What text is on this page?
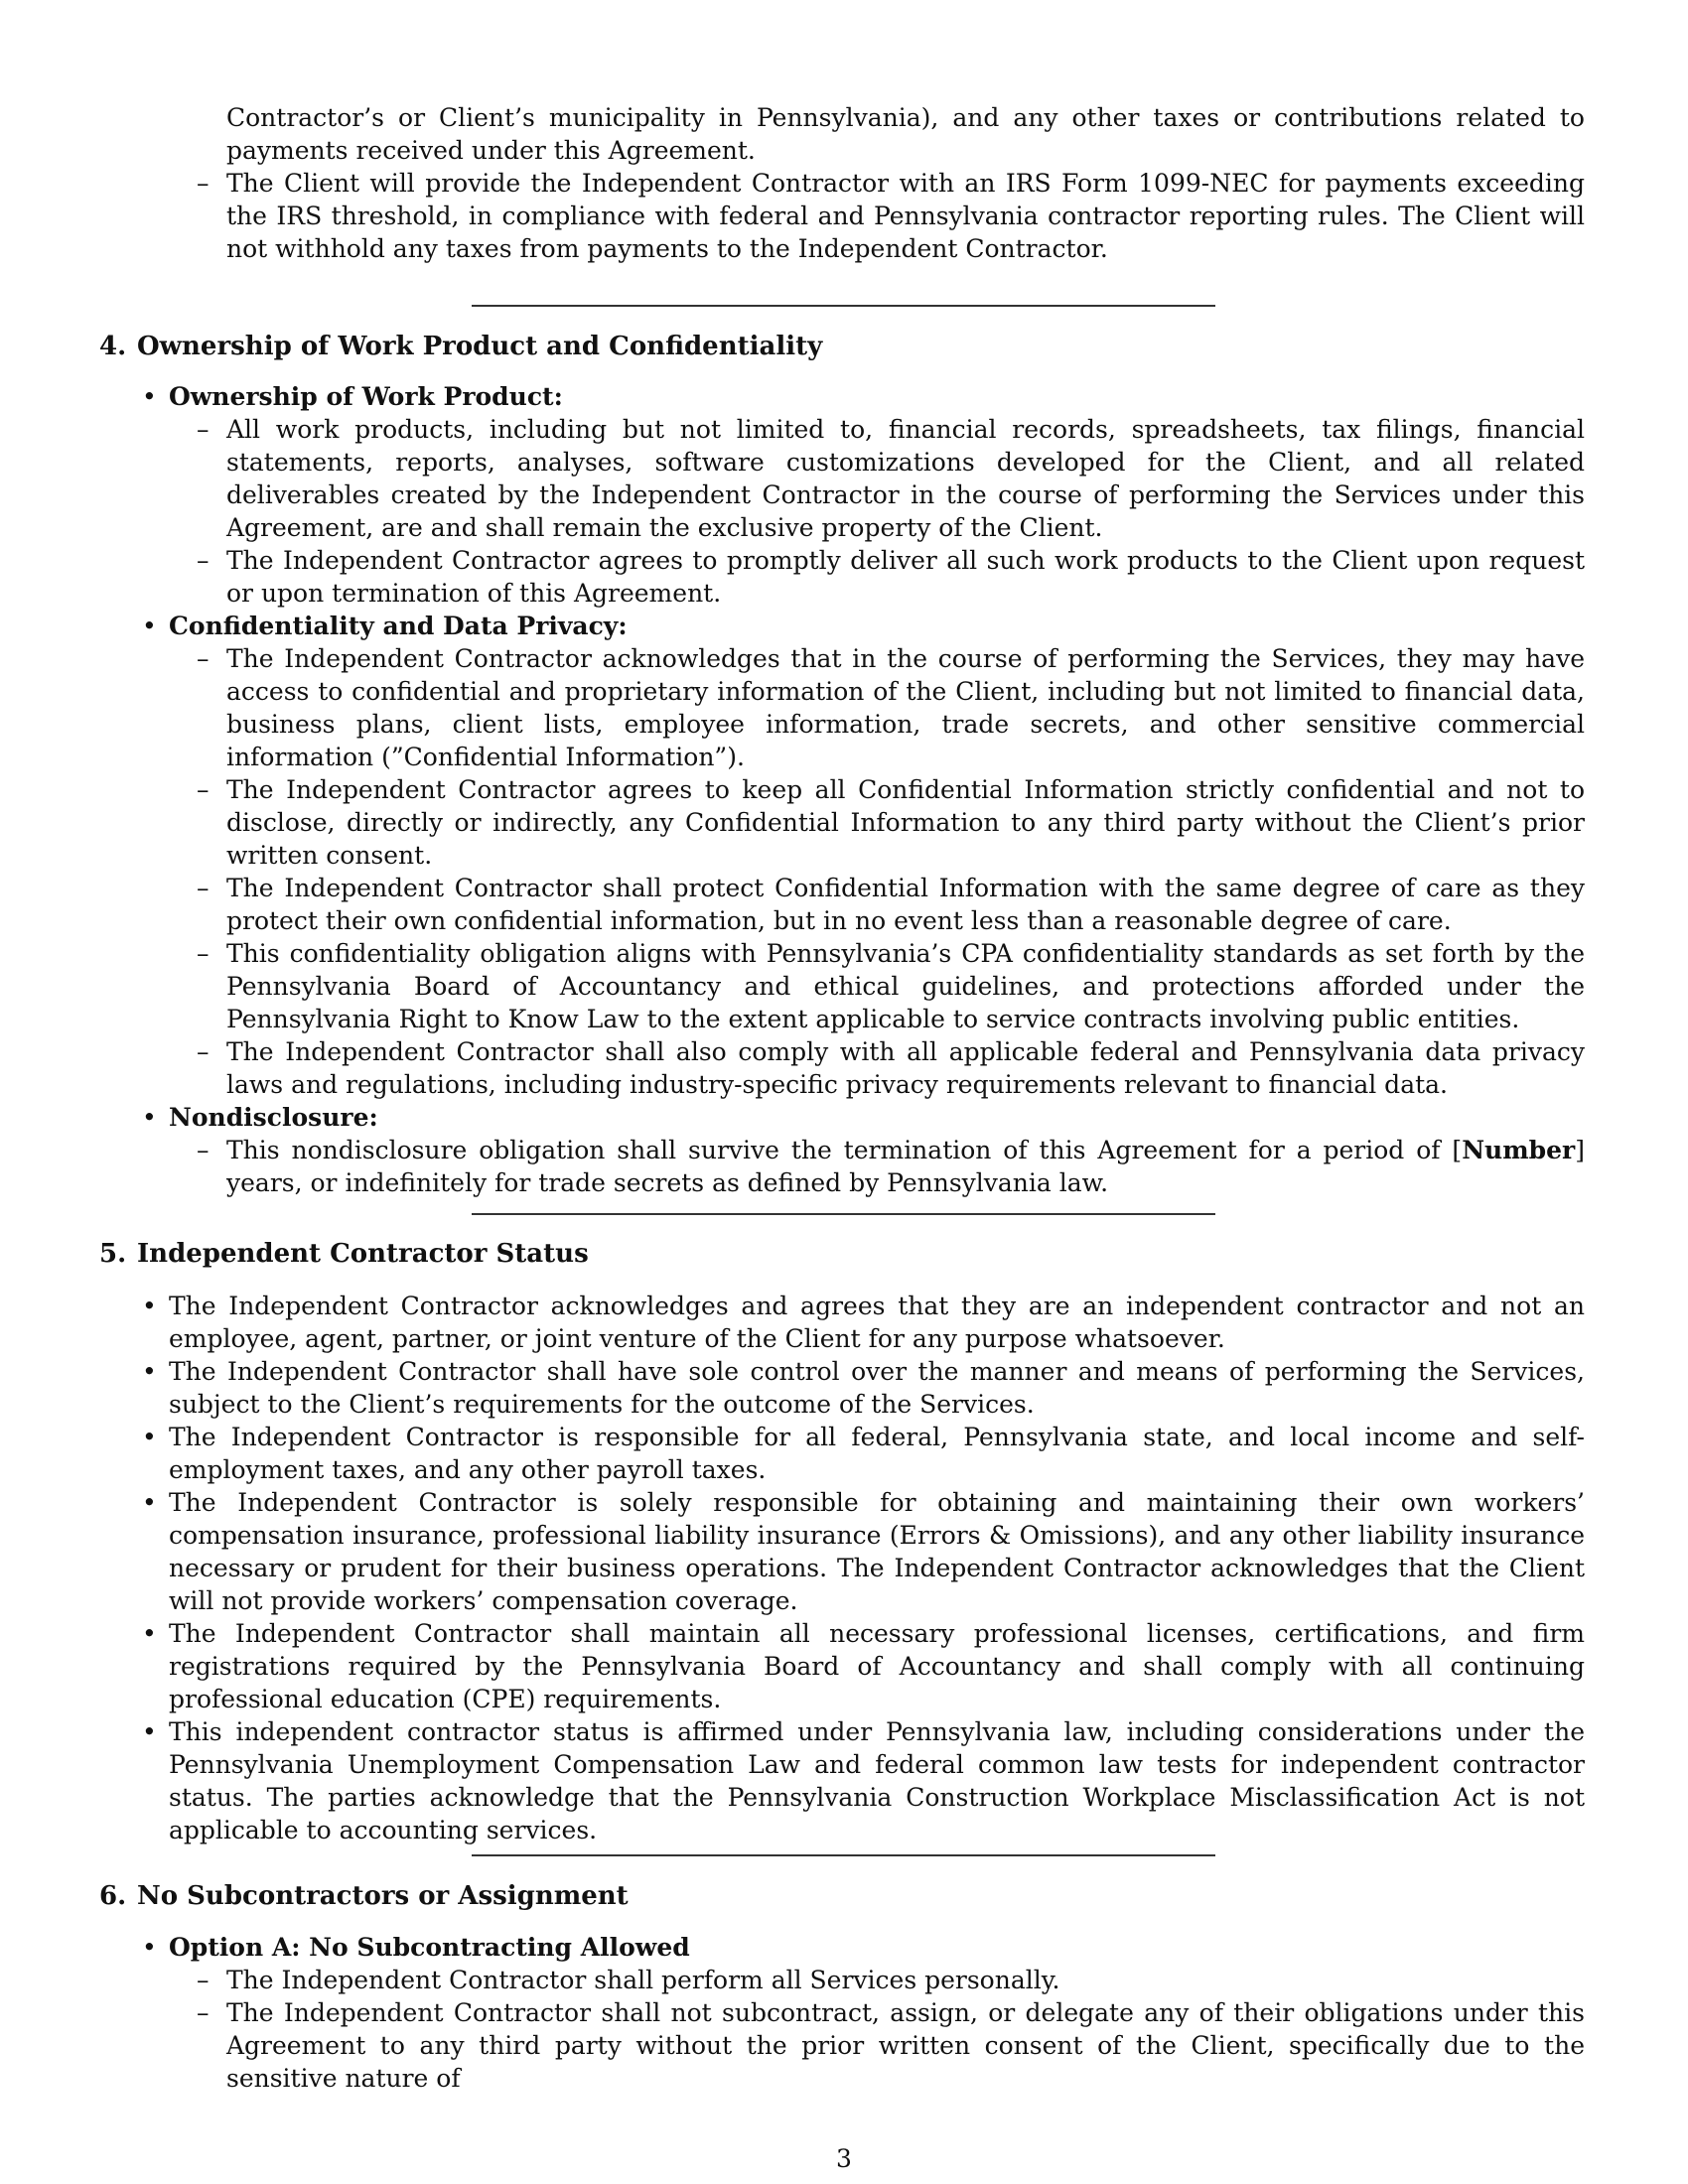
Contractor’s or Client’s municipality in Pennsylvania), and any other taxes or contributions related to payments received under this Agreement.
– The Client will provide the Independent Contractor with an IRS Form 1099-NEC for payments exceeding the IRS threshold, in compliance with federal and Pennsylvania contractor reporting rules. The Client will not withhold any taxes from payments to the Independent Contractor.
4. Ownership of Work Product and Confidentiality
• Ownership of Work Product:
– All work products, including but not limited to, financial records, spreadsheets, tax filings, financial statements, reports, analyses, software customizations developed for the Client, and all related deliverables created by the Independent Contractor in the course of performing the Services under this Agreement, are and shall remain the exclusive property of the Client.
– The Independent Contractor agrees to promptly deliver all such work products to the Client upon request or upon termination of this Agreement.
• Confidentiality and Data Privacy:
– The Independent Contractor acknowledges that in the course of performing the Services, they may have access to confidential and proprietary information of the Client, including but not limited to financial data, business plans, client lists, employee information, trade secrets, and other sensitive commercial information (”Confidential Information”).
– The Independent Contractor agrees to keep all Confidential Information strictly confidential and not to disclose, directly or indirectly, any Confidential Information to any third party without the Client’s prior written consent.
– The Independent Contractor shall protect Confidential Information with the same degree of care as they protect their own confidential information, but in no event less than a reasonable degree of care.
– This confidentiality obligation aligns with Pennsylvania’s CPA confidentiality standards as set forth by the Pennsylvania Board of Accountancy and ethical guidelines, and protections afforded under the Pennsylvania Right to Know Law to the extent applicable to service contracts involving public entities.
– The Independent Contractor shall also comply with all applicable federal and Pennsylvania data privacy laws and regulations, including industry-specific privacy requirements relevant to financial data.
• Nondisclosure:
– This nondisclosure obligation shall survive the termination of this Agreement for a period of [Number] years, or indefinitely for trade secrets as defined by Pennsylvania law.
5. Independent Contractor Status
• The Independent Contractor acknowledges and agrees that they are an independent contractor and not an employee, agent, partner, or joint venture of the Client for any purpose whatsoever.
• The Independent Contractor shall have sole control over the manner and means of performing the Services, subject to the Client’s requirements for the outcome of the Services.
• The Independent Contractor is responsible for all federal, Pennsylvania state, and local income and self-employment taxes, and any other payroll taxes.
• The Independent Contractor is solely responsible for obtaining and maintaining their own workers’ compensation insurance, professional liability insurance (Errors & Omissions), and any other liability insurance necessary or prudent for their business operations. The Independent Contractor acknowledges that the Client will not provide workers’ compensation coverage.
• The Independent Contractor shall maintain all necessary professional licenses, certifications, and firm registrations required by the Pennsylvania Board of Accountancy and shall comply with all continuing professional education (CPE) requirements.
• This independent contractor status is affirmed under Pennsylvania law, including considerations under the Pennsylvania Unemployment Compensation Law and federal common law tests for independent contractor status. The parties acknowledge that the Pennsylvania Construction Workplace Misclassification Act is not applicable to accounting services.
6. No Subcontractors or Assignment
• Option A: No Subcontracting Allowed
– The Independent Contractor shall perform all Services personally.
– The Independent Contractor shall not subcontract, assign, or delegate any of their obligations under this Agreement to any third party without the prior written consent of the Client, specifically due to the sensitive nature of
3
